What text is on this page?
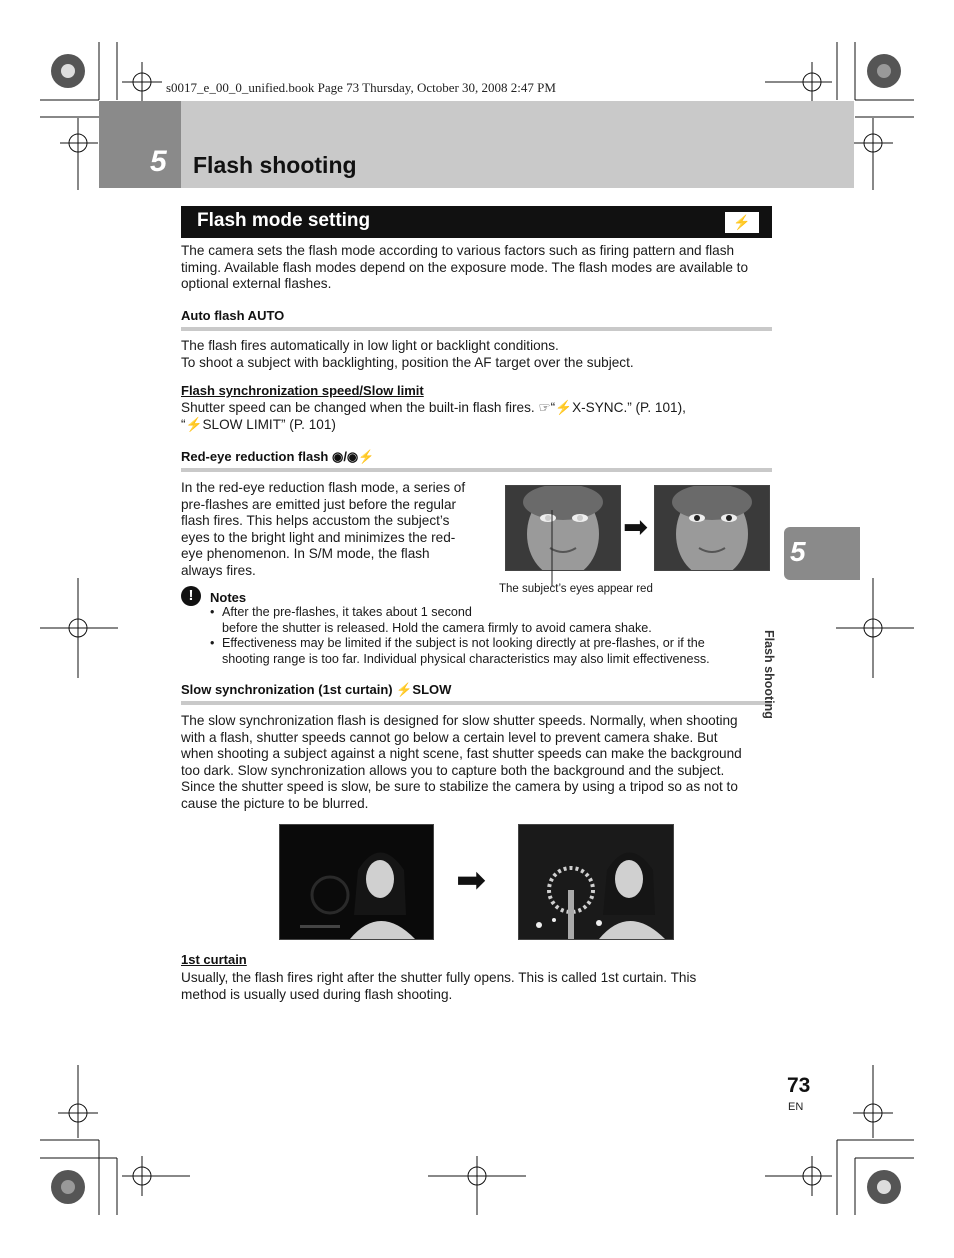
s0017_e_00_0_unified.book Page 73 Thursday, October 30, 2008 2:47 PM
5 Flash shooting
Flash mode setting	⚡
The camera sets the flash mode according to various factors such as firing pattern and flash timing. Available flash modes depend on the exposure mode. The flash modes are available to optional external flashes.
Auto flash AUTO
The flash fires automatically in low light or backlight conditions.
To shoot a subject with backlighting, position the AF target over the subject.
Flash synchronization speed/Slow limit
Shutter speed can be changed when the built-in flash fires. ☞“⚡X-SYNC.” (P. 101),
“⚡SLOW LIMIT” (P. 101)
Red-eye reduction flash ◉/◉⚡
In the red-eye reduction flash mode, a series of
pre-flashes are emitted just before the regular
flash fires. This helps accustom the subject’s
eyes to the bright light and minimizes the red-
eye phenomenon. In S/M mode, the flash
always fires.
➡
The subject’s eyes appear red
!	Notes
• After the pre-flashes, it takes about 1 second
before the shutter is released. Hold the camera firmly to avoid camera shake.
• Effectiveness may be limited if the subject is not looking directly at pre-flashes, or if the
shooting range is too far. Individual physical characteristics may also limit effectiveness.
Slow synchronization (1st curtain) ⚡SLOW
The slow synchronization flash is designed for slow shutter speeds. Normally, when shooting
with a flash, shutter speeds cannot go below a certain level to prevent camera shake. But
when shooting a subject against a night scene, fast shutter speeds can make the background
too dark. Slow synchronization allows you to capture both the background and the subject.
Since the shutter speed is slow, be sure to stabilize the camera by using a tripod so as not to
cause the picture to be blurred.
➡
1st curtain
Usually, the flash fires right after the shutter fully opens. This is called 1st curtain. This
method is usually used during flash shooting.
5
Flash shooting
73
EN
